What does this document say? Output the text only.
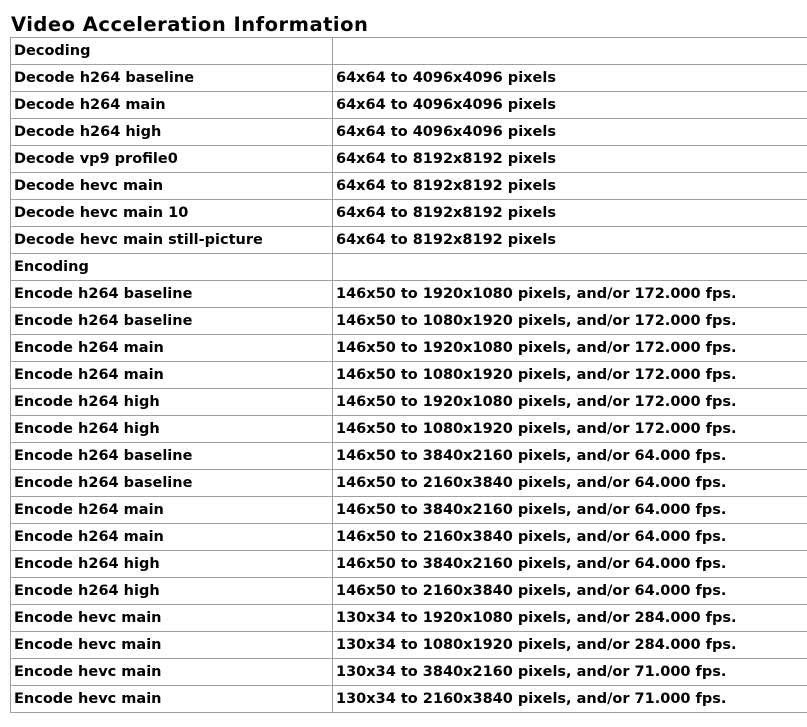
Video Acceleration Information
Decoding	
Decode h264 baseline	64x64 to 4096x4096 pixels
Decode h264 main	64x64 to 4096x4096 pixels
Decode h264 high	64x64 to 4096x4096 pixels
Decode vp9 profile0	64x64 to 8192x8192 pixels
Decode hevc main	64x64 to 8192x8192 pixels
Decode hevc main 10	64x64 to 8192x8192 pixels
Decode hevc main still-picture	64x64 to 8192x8192 pixels
Encoding	
Encode h264 baseline	146x50 to 1920x1080 pixels, and/or 172.000 fps.
Encode h264 baseline	146x50 to 1080x1920 pixels, and/or 172.000 fps.
Encode h264 main	146x50 to 1920x1080 pixels, and/or 172.000 fps.
Encode h264 main	146x50 to 1080x1920 pixels, and/or 172.000 fps.
Encode h264 high	146x50 to 1920x1080 pixels, and/or 172.000 fps.
Encode h264 high	146x50 to 1080x1920 pixels, and/or 172.000 fps.
Encode h264 baseline	146x50 to 3840x2160 pixels, and/or 64.000 fps.
Encode h264 baseline	146x50 to 2160x3840 pixels, and/or 64.000 fps.
Encode h264 main	146x50 to 3840x2160 pixels, and/or 64.000 fps.
Encode h264 main	146x50 to 2160x3840 pixels, and/or 64.000 fps.
Encode h264 high	146x50 to 3840x2160 pixels, and/or 64.000 fps.
Encode h264 high	146x50 to 2160x3840 pixels, and/or 64.000 fps.
Encode hevc main	130x34 to 1920x1080 pixels, and/or 284.000 fps.
Encode hevc main	130x34 to 1080x1920 pixels, and/or 284.000 fps.
Encode hevc main	130x34 to 3840x2160 pixels, and/or 71.000 fps.
Encode hevc main	130x34 to 2160x3840 pixels, and/or 71.000 fps.
